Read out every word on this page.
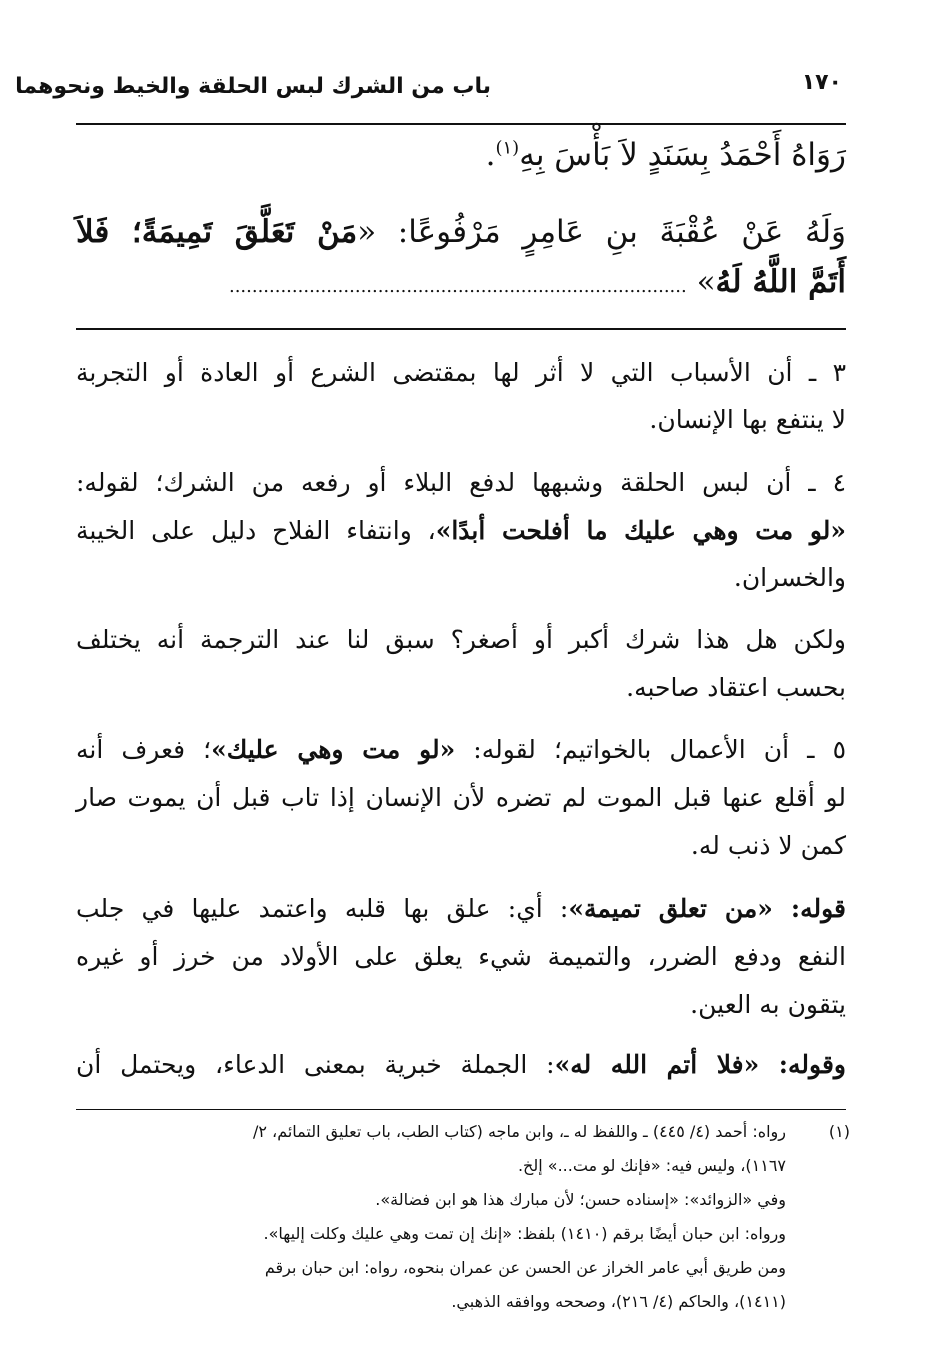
١٧٠
باب من الشرك لبس الحلقة والخيط ونحوهما
رَوَاهُ أَحْمَدُ بِسَنَدٍ لاَ بَأْسَ بِهِ$^{(١)}$.
وَلَهُ عَنْ عُقْبَةَ بنِ عَامِرٍ مَرْفُوعًا: «مَنْ تَعَلَّقَ تَمِيمَةً؛ فَلاَ
أَتَمَّ اللَّهُ لَهُ» ................................................................................
٣ ـ أن الأسباب التي لا أثر لها بمقتضى الشرع أو العادة أو التجربة
لا ينتفع بها الإنسان.
٤ ـ أن لبس الحلقة وشبهها لدفع البلاء أو رفعه من الشرك؛ لقوله:
«لو مت وهي عليك ما أفلحت أبدًا»، وانتفاء الفلاح دليل على الخيبة
والخسران.
ولكن هل هذا شرك أكبر أو أصغر؟ سبق لنا عند الترجمة أنه يختلف
بحسب اعتقاد صاحبه.
٥ ـ أن الأعمال بالخواتيم؛ لقوله: «لو مت وهي عليك»؛ فعرف أنه
لو أقلع عنها قبل الموت لم تضره لأن الإنسان إذا تاب قبل أن يموت صار
كمن لا ذنب له.
قوله: «من تعلق تميمة»: أي: علق بها قلبه واعتمد عليها في جلب
النفع ودفع الضرر، والتميمة شيء يعلق على الأولاد من خرز أو غيره
يتقون به العين.
وقوله: «فلا أتم الله له»: الجملة خبرية بمعنى الدعاء، ويحتمل أن
(١)
رواه: أحمد (٤/ ٤٤٥) ـ واللفظ له ـ، وابن ماجه (كتاب الطب، باب تعليق التمائم، ٢/
١١٦٧)، وليس فيه: «فإنك لو مت...» إلخ.
وفي «الزوائد»: «إسناده حسن؛ لأن مبارك هذا هو ابن فضالة».
ورواه: ابن حبان أيضًا برقم (١٤١٠) بلفظ: «إنك إن تمت وهي عليك وكلت إليها».
ومن طريق أبي عامر الخراز عن الحسن عن عمران بنحوه، رواه: ابن حبان برقم
(١٤١١)، والحاكم (٤/ ٢١٦)، وصححه ووافقه الذهبي.
